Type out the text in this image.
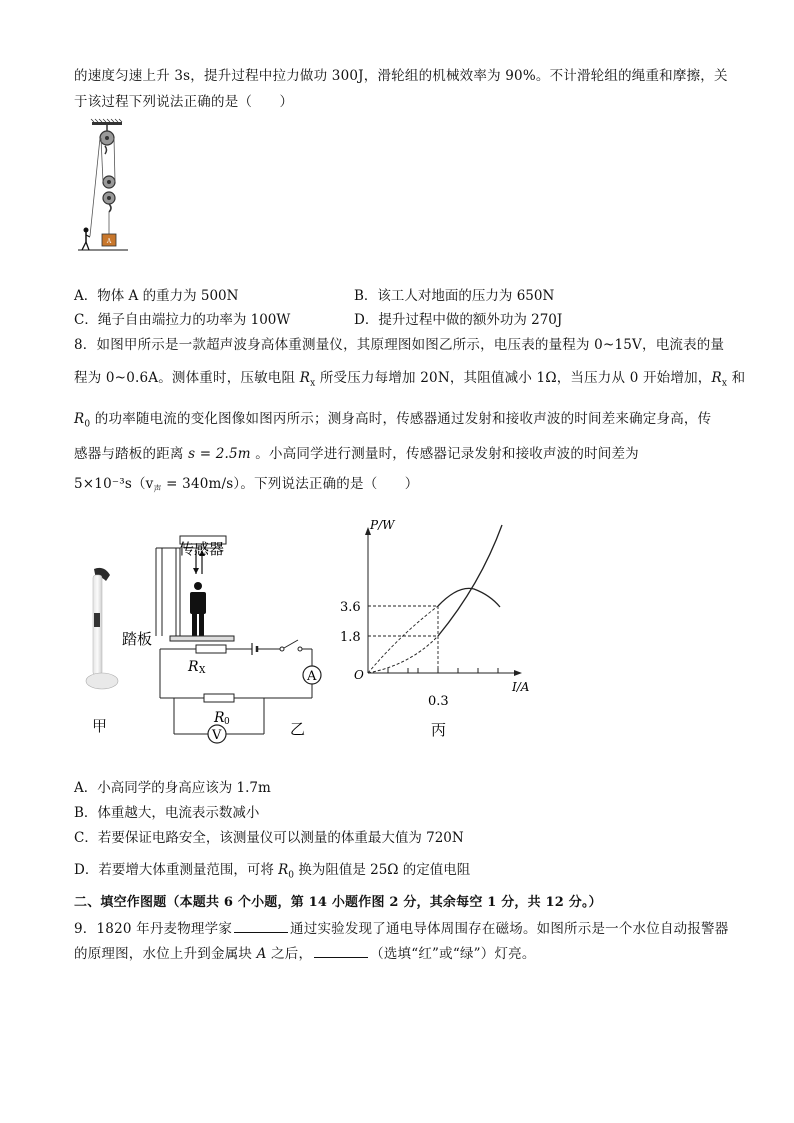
的速度匀速上升 3s，提升过程中拉力做功 300J，滑轮组的机械效率为 90%。不计滑轮组的绳重和摩擦，关
于该过程下列说法正确的是（　　）
A
A．物体 A 的重力为 500N	B．该工人对地面的压力为 650N
C．绳子自由端拉力的功率为 100W	D．提升过程中做的额外功为 270J
8．如图甲所示是一款超声波身高体重测量仪，其原理图如图乙所示，电压表的量程为 0~15V，电流表的量
程为 0~0.6A。测体重时，压敏电阻 $R_x$ 所受压力每增加 20N，其阻值减小 1Ω，当压力从 0 开始增加，$R_x$ 和
$R_0$ 的功率随电流的变化图像如图丙所示；测身高时，传感器通过发射和接收声波的时间差来确定身高，传
感器与踏板的距离 s = 2.5m 。小高同学进行测量时，传感器记录发射和接收声波的时间差为
$5\times 10^{-3}s(v_声 = 340m/s)$。下列说法正确的是（　　）
甲
传感器
踏板
R X
R 0
A
V	乙
P/W
I/A
O
3.6
1.8
0.3
丙
A．小高同学的身高应该为 1.7m
B．体重越大，电流表示数减小
C．若要保证电路安全，该测量仪可以测量的体重最大值为 720N
D．若要增大体重测量范围，可将 $R_0$ 换为阻值是 25Ω 的定值电阻
二、填空作图题（本题共 6 个小题，第 14 小题作图 2 分，其余每空 1 分，共 12 分。）
9．1820 年丹麦物理学家	通过实验发现了通电导体周围存在磁场。如图所示是一个水位自动报警器
的原理图，水位上升到金属块 A 之后，	（选填“红”或“绿”）灯亮。
